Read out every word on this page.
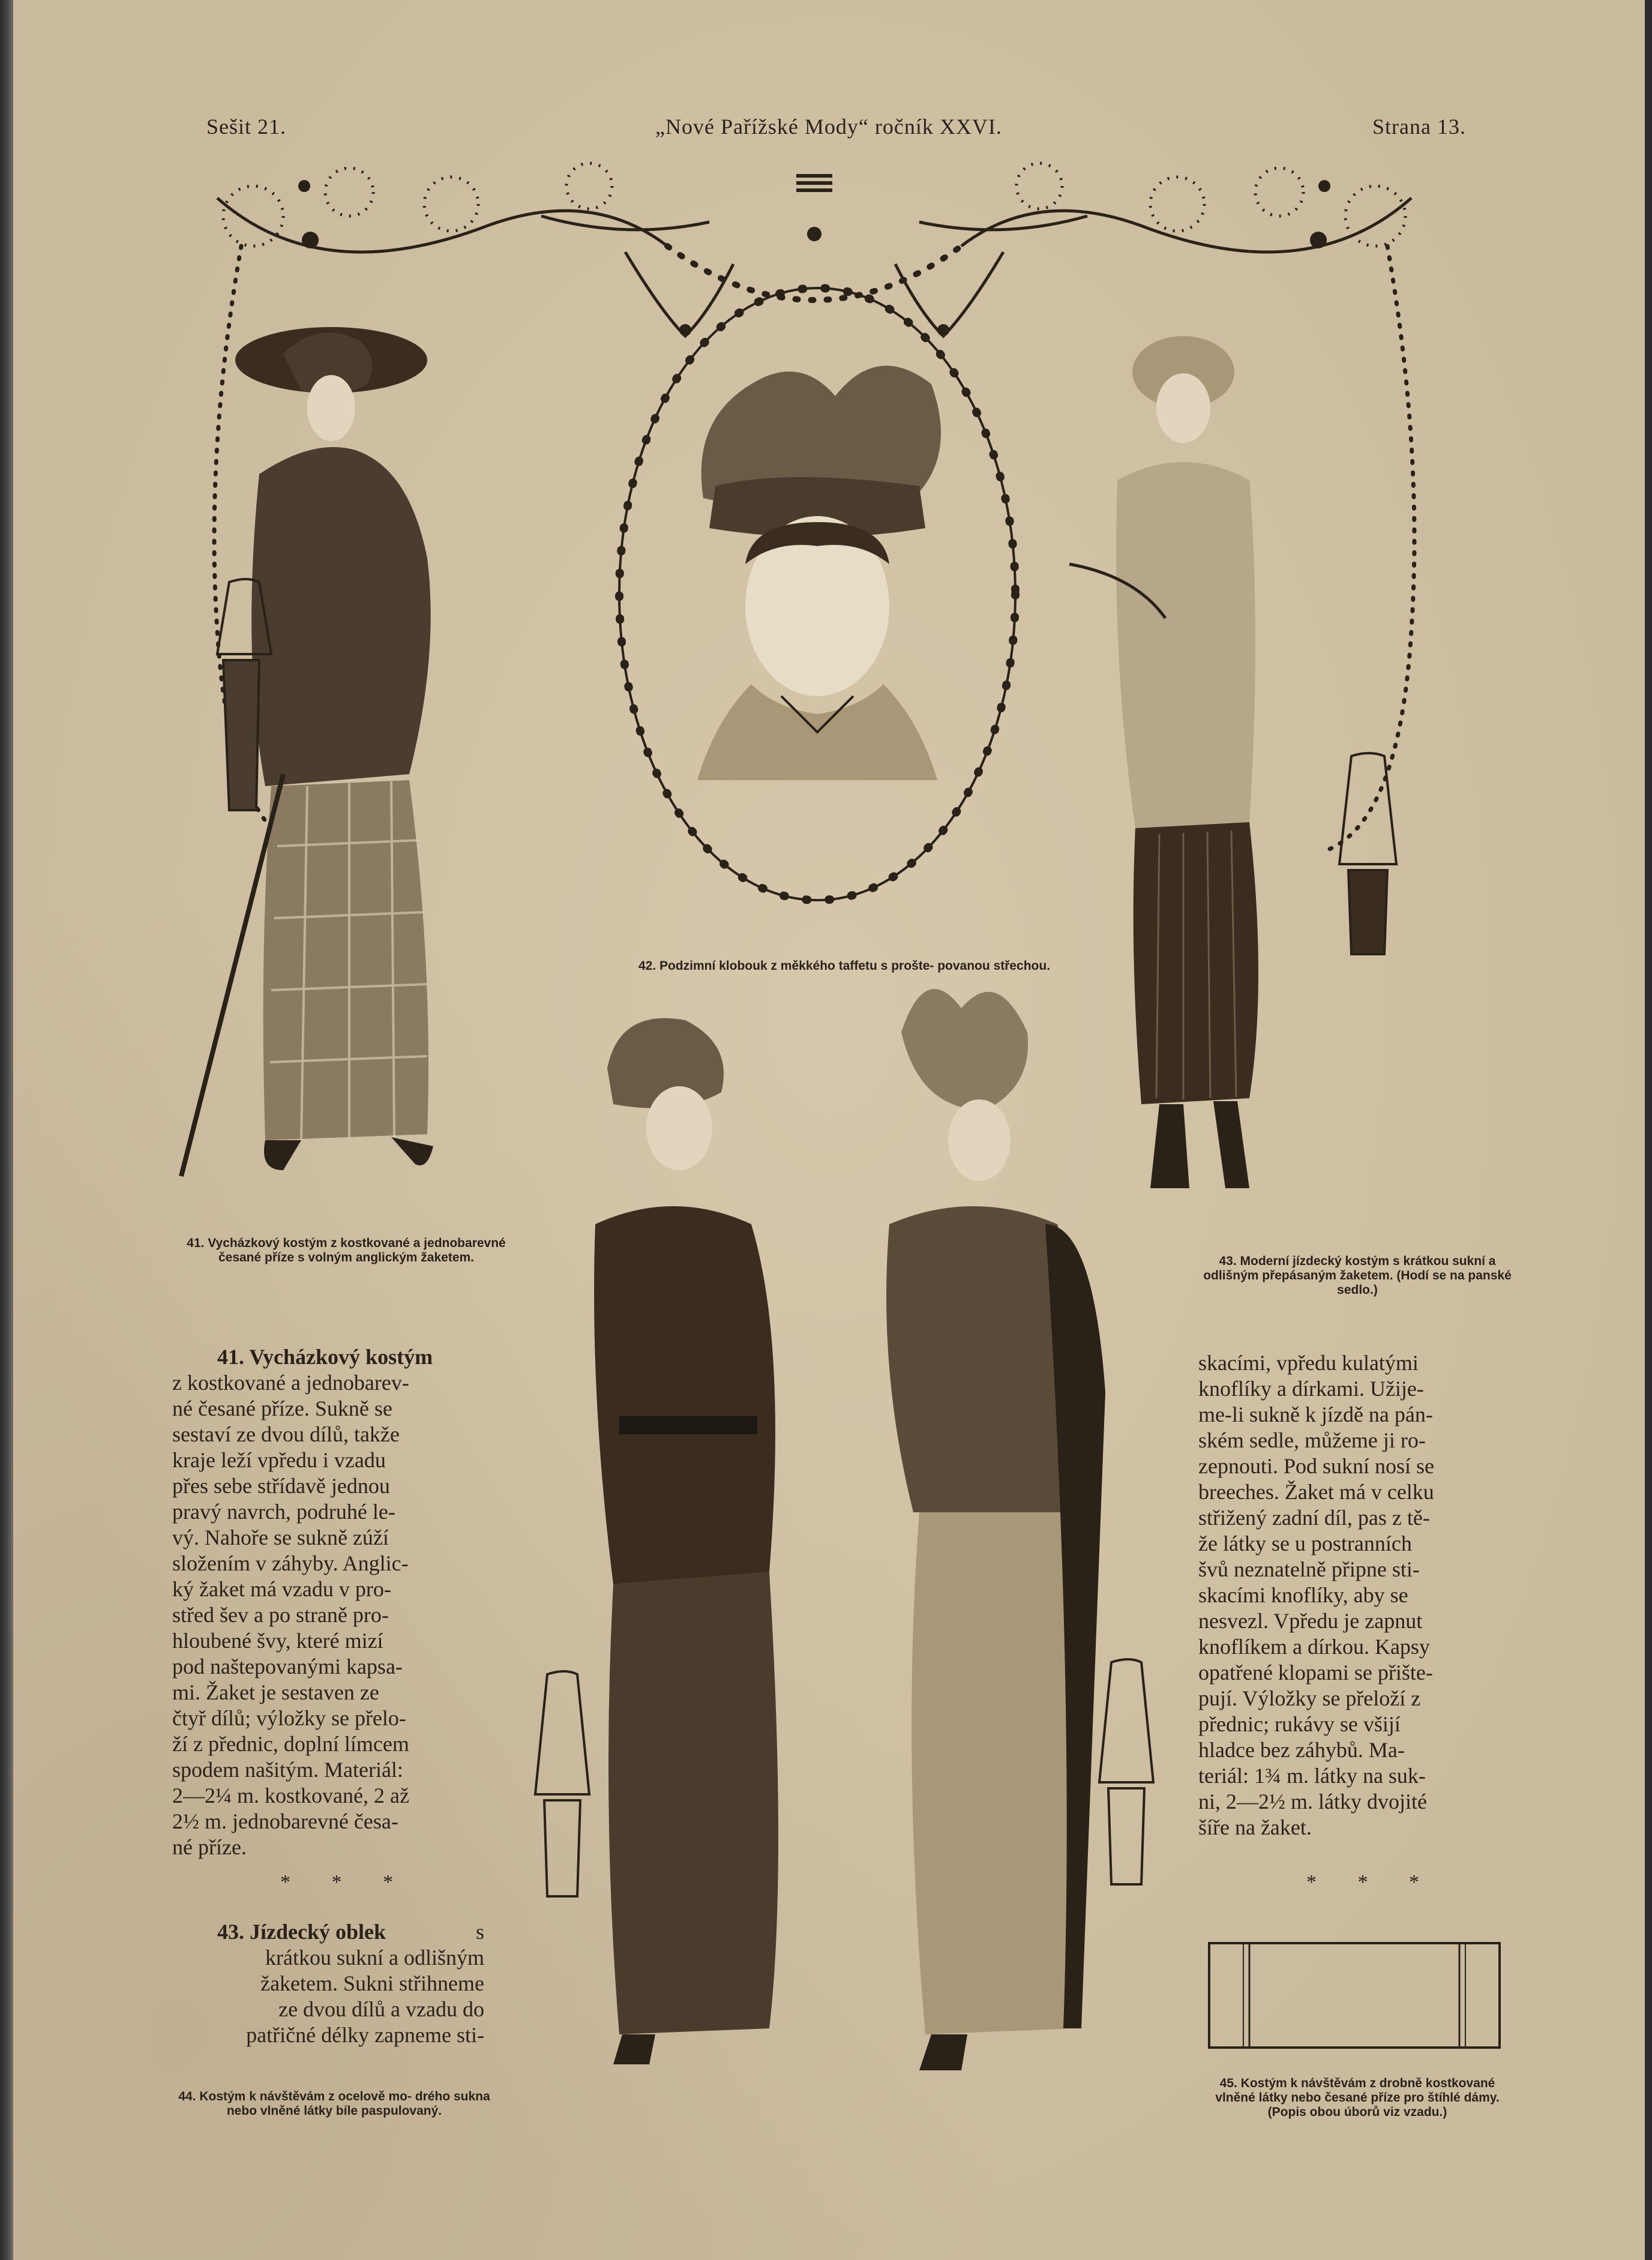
Sešit 21.	„Nové Pařížské Mody“ ročník XXVI.	Strana 13.
41. Vycházkový kostým z kostkované a jednobarevné česané příze s volným anglickým žaketem.
42. Podzimní klobouk z měkkého taffetu s prošte- povanou střechou.
43. Moderní jízdecký kostým s krátkou sukní a odlišným přepásaným žaketem. (Hodí se na panské sedlo.)
44. Kostým k návštěvám z ocelově mo- drého sukna nebo vlněné látky bíle paspulovaný.
45. Kostým k návštěvám z drobně kostkované vlněné látky nebo česané příze pro štíhlé dámy. (Popis obou úborů viz vzadu.)
41. Vycházkový kostým
z kostkované a jednobarev-
né česané příze. Sukně se
sestaví ze dvou dílů, takže
kraje leží vpředu i vzadu
přes sebe střídavě jednou
pravý navrch, podruhé le-
vý. Nahoře se sukně zúží
složením v záhyby. Anglic-
ký žaket má vzadu v pro-
střed šev a po straně pro-
hloubené švy, které mizí
pod naštepovanými kapsa-
mi. Žaket je sestaven ze
čtyř dílů; výložky se přelo-
ží z přednic, doplní límcem
spodem našitým. Materiál:
2—2¼ m. kostkované, 2 až
2½ m. jednobarevné česa-
né příze.
* * *
43. Jízdecký oblek	s
krátkou sukní a odlišným
žaketem. Sukni střihneme
ze dvou dílů a vzadu do
patřičné délky zapneme sti-
skacími, vpředu kulatými
knoflíky a dírkami. Užije-
me-li sukně k jízdě na pán-
ském sedle, můžeme ji ro-
zepnouti. Pod sukní nosí se
breeches. Žaket má v celku
střižený zadní díl, pas z tě-
že látky se u postranních
švů neznatelně připne sti-
skacími knoflíky, aby se
nesvezl. Vpředu je zapnut
knoflíkem a dírkou. Kapsy
opatřené klopami se přište-
pují. Výložky se přeloží z
přednic; rukávy se všijí
hladce bez záhybů. Ma-
teriál: 1¾ m. látky na suk-
ni, 2—2½ m. látky dvojité
šíře na žaket.
* * *
